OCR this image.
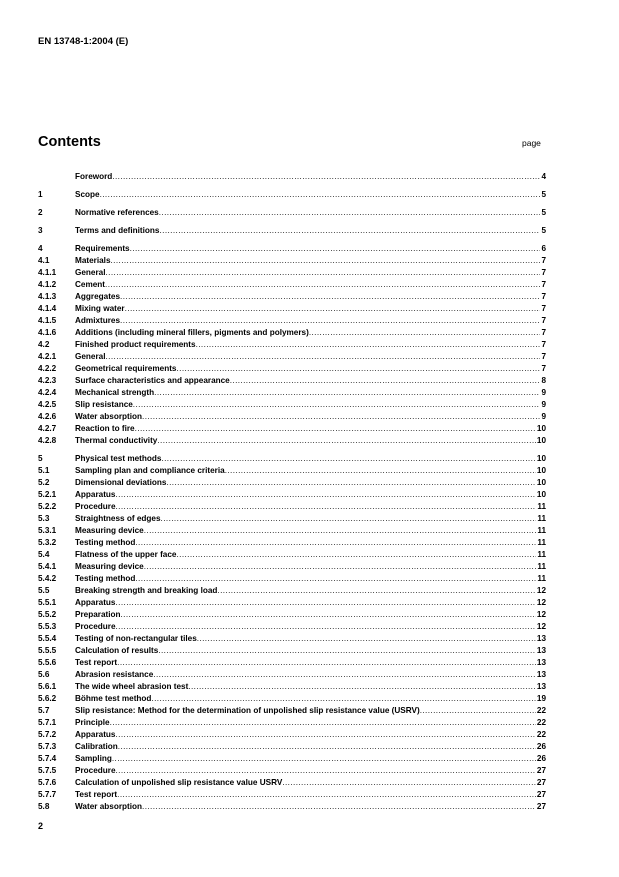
EN 13748-1:2004 (E)
Contents	page
Foreword .....	4
1	Scope .....	5
2	Normative references .....	5
3	Terms and definitions .....	5
4	Requirements .....	6
4.1	Materials .....	7
4.1.1	General .....	7
4.1.2	Cement .....	7
4.1.3	Aggregates .....	7
4.1.4	Mixing water .....	7
4.1.5	Admixtures .....	7
4.1.6	Additions (including mineral fillers, pigments and polymers) .....	7
4.2	Finished product requirements .....	7
4.2.1	General .....	7
4.2.2	Geometrical requirements .....	7
4.2.3	Surface characteristics and appearance .....	8
4.2.4	Mechanical strength .....	9
4.2.5	Slip resistance .....	9
4.2.6	Water absorption .....	9
4.2.7	Reaction to fire .....	10
4.2.8	Thermal conductivity .....	10
5	Physical test methods .....	10
5.1	Sampling plan and compliance criteria .....	10
5.2	Dimensional deviations .....	10
5.2.1	Apparatus .....	10
5.2.2	Procedure .....	11
5.3	Straightness of edges .....	11
5.3.1	Measuring device .....	11
5.3.2	Testing method .....	11
5.4	Flatness of the upper face .....	11
5.4.1	Measuring device .....	11
5.4.2	Testing method .....	11
5.5	Breaking strength and breaking load .....	12
5.5.1	Apparatus .....	12
5.5.2	Preparation .....	12
5.5.3	Procedure .....	12
5.5.4	Testing of non-rectangular tiles .....	13
5.5.5	Calculation of results .....	13
5.5.6	Test report .....	13
5.6	Abrasion resistance .....	13
5.6.1	The wide wheel abrasion test .....	13
5.6.2	Böhme test method .....	19
5.7	Slip resistance: Method for the determination of unpolished slip resistance value (USRV) .....	22
5.7.1	Principle .....	22
5.7.2	Apparatus .....	22
5.7.3	Calibration .....	26
5.7.4	Sampling .....	26
5.7.5	Procedure .....	27
5.7.6	Calculation of unpolished slip resistance value USRV .....	27
5.7.7	Test report .....	27
5.8	Water absorption .....	27
2
